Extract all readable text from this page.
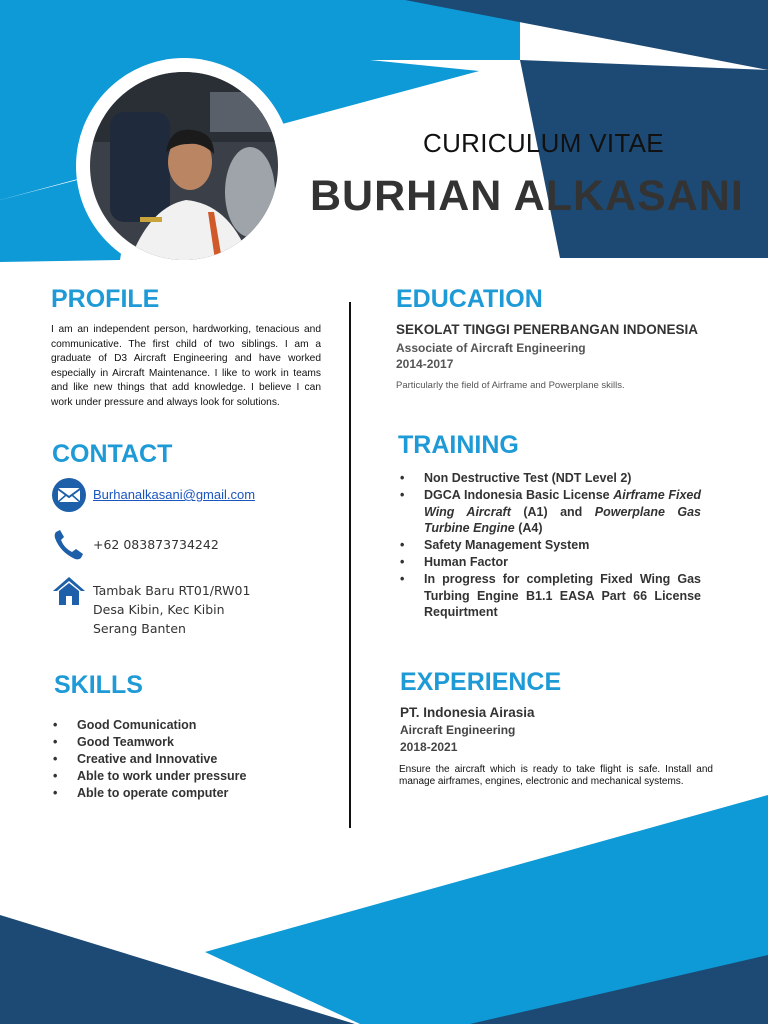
CURICULUM VITAE
BURHAN ALKASANI
PROFILE
I am an independent person, hardworking, tenacious and communicative. The first child of two siblings. I am a graduate of D3 Aircraft Engineering and have worked especially in Aircraft Maintenance. I like to work in teams and like new things that add knowledge. I believe I can work under pressure and always look for solutions.
CONTACT
Burhanalkasani@gmail.com
+62 083873734242
Tambak Baru RT01/RW01
Desa Kibin, Kec Kibin
Serang Banten
SKILLS
• Good Comunication
• Good Teamwork
• Creative and Innovative
• Able to work under pressure
• Able to operate computer
EDUCATION
SEKOLAT TINGGI PENERBANGAN INDONESIA
Associate of Aircraft Engineering
2014-2017
Particularly the field of Airframe and Powerplane skills.
TRAINING
• Non Destructive Test (NDT Level 2)
• DGCA Indonesia Basic License Airframe Fixed Wing Aircraft (A1) and Powerplane Gas Turbine Engine (A4)
• Safety Management System
• Human Factor
• In progress for completing Fixed Wing Gas Turbing Engine B1.1 EASA Part 66 License Requirtment
EXPERIENCE
PT. Indonesia Airasia
Aircraft Engineering
2018-2021
Ensure the aircraft which is ready to take flight is safe. Install and manage airframes, engines, electronic and mechanical systems.
